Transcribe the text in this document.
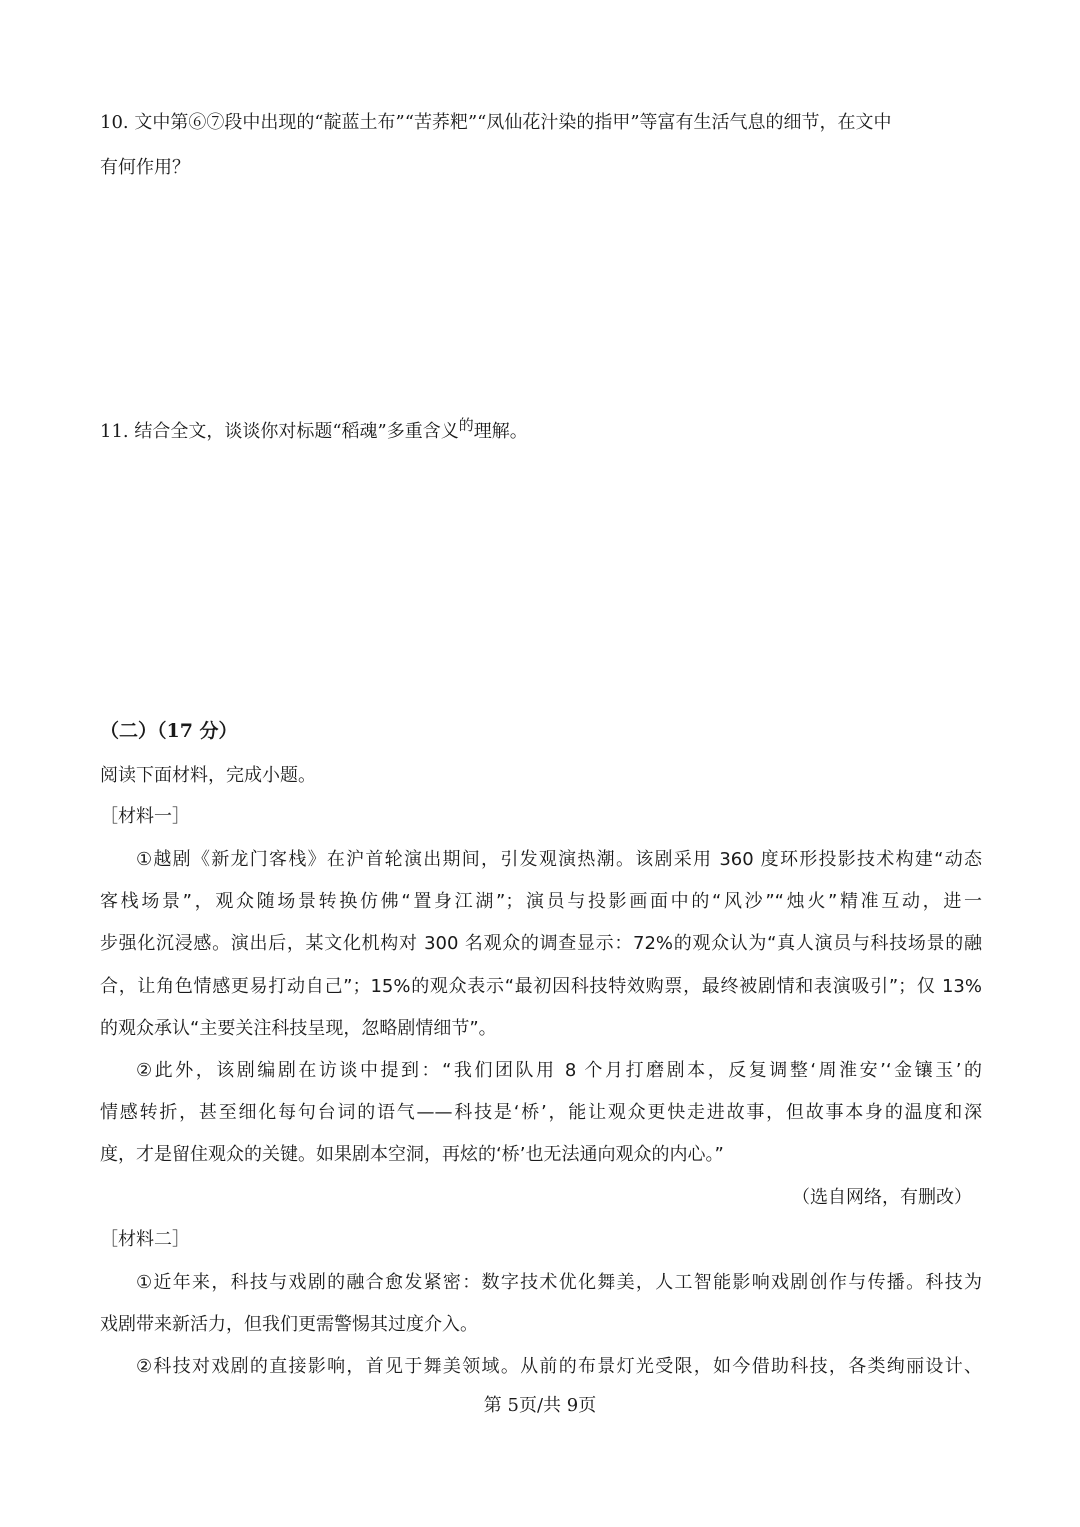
10. 文中第⑥⑦段中出现的“靛蓝土布”“苦荞粑”“凤仙花汁染的指甲”等富有生活气息的细节，在文中
有何作用？
11. 结合全文，谈谈你对标题“稻魂”多重含义$^的$理解。
（二）（17 分）
阅读下面材料，完成小题。
［材料一］
①越剧《新龙门客栈》在沪首轮演出期间，引发观演热潮。该剧采用 360 度环形投影技术构建“动态
客栈场景”，观众随场景转换仿佛“置身江湖”；演员与投影画面中的“风沙”“烛火”精准互动，进一
步强化沉浸感。演出后，某文化机构对 300 名观众的调查显示：72%的观众认为“真人演员与科技场景的融
合，让角色情感更易打动自己”；15%的观众表示“最初因科技特效购票，最终被剧情和表演吸引”；仅 13%
的观众承认“主要关注科技呈现，忽略剧情细节”。
②此外，该剧编剧在访谈中提到：“我们团队用 8 个月打磨剧本，反复调整‘周淮安’‘金镶玉’的
情感转折，甚至细化每句台词的语气——科技是‘桥’，能让观众更快走进故事，但故事本身的温度和深
度，才是留住观众的关键。如果剧本空洞，再炫的‘桥’也无法通向观众的内心。”
（选自网络，有删改）
［材料二］
①近年来，科技与戏剧的融合愈发紧密：数字技术优化舞美，人工智能影响戏剧创作与传播。科技为
戏剧带来新活力，但我们更需警惕其过度介入。
②科技对戏剧的直接影响，首见于舞美领域。从前的布景灯光受限，如今借助科技，各类绚丽设计、
第 5页/共 9页
